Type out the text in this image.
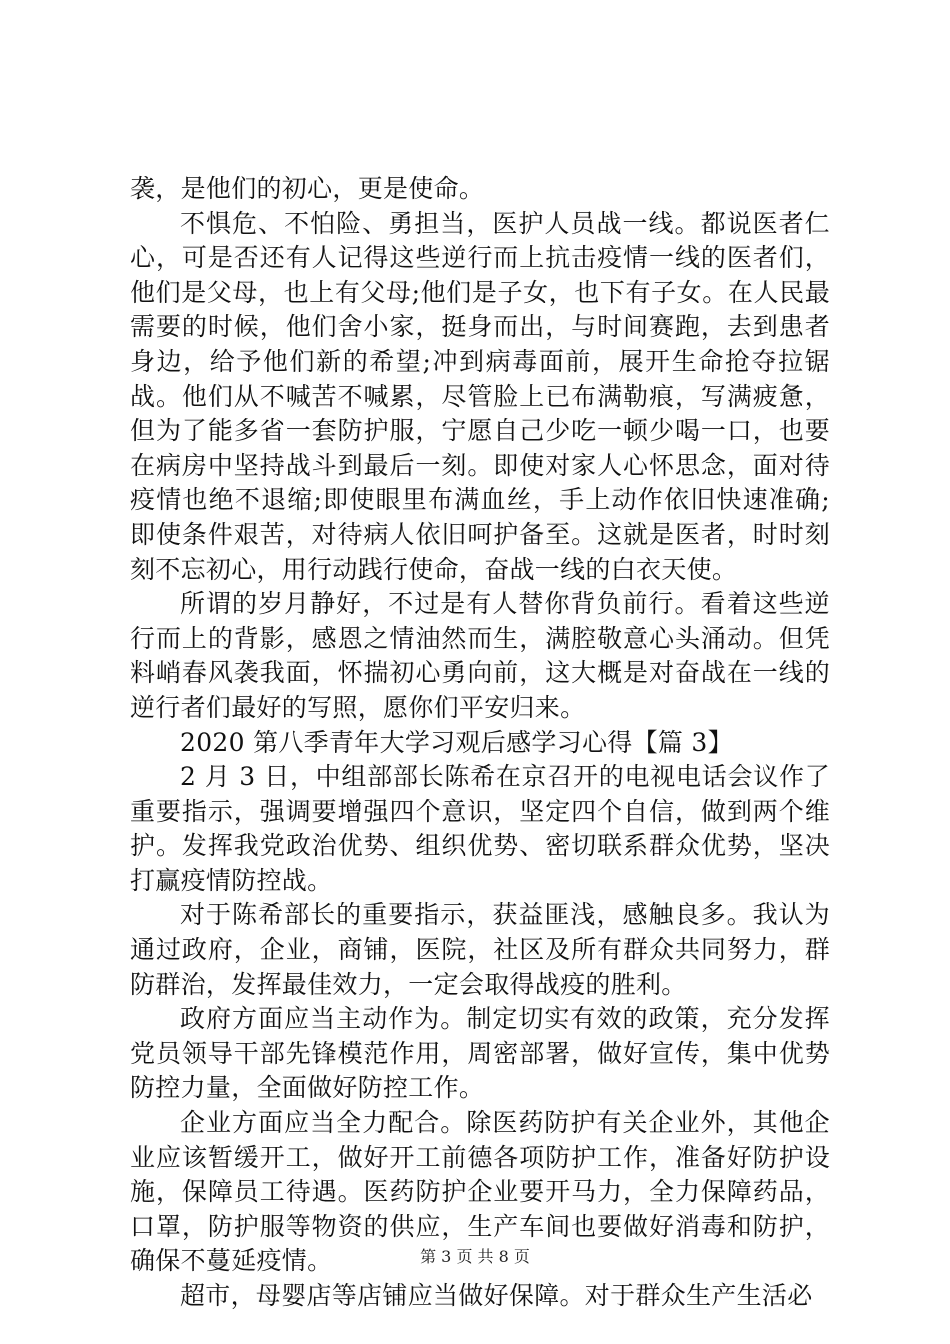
袭，是他们的初心，更是使命。

不惧危、不怕险、勇担当，医护人员战一线。都说医者仁心，可是否还有人记得这些逆行而上抗击疫情一线的医者们，他们是父母，也上有父母;他们是子女，也下有子女。在人民最需要的时候，他们舍小家，挺身而出，与时间赛跑，去到患者身边，给予他们新的希望;冲到病毒面前，展开生命抢夺拉锯战。他们从不喊苦不喊累，尽管脸上已布满勒痕，写满疲惫，但为了能多省一套防护服，宁愿自己少吃一顿少喝一口，也要在病房中坚持战斗到最后一刻。即使对家人心怀思念，面对待疫情也绝不退缩;即使眼里布满血丝，手上动作依旧快速准确;即使条件艰苦，对待病人依旧呵护备至。这就是医者，时时刻刻不忘初心，用行动践行使命，奋战一线的白衣天使。

所谓的岁月静好，不过是有人替你背负前行。看着这些逆行而上的背影，感恩之情油然而生，满腔敬意心头涌动。但凭料峭春风袭我面，怀揣初心勇向前，这大概是对奋战在一线的逆行者们最好的写照，愿你们平安归来。

2020 第八季青年大学习观后感学习心得【篇 3】

2 月 3 日，中组部部长陈希在京召开的电视电话会议作了重要指示，强调要增强四个意识，坚定四个自信，做到两个维护。发挥我党政治优势、组织优势、密切联系群众优势，坚决打赢疫情防控战。

对于陈希部长的重要指示，获益匪浅，感触良多。我认为通过政府，企业，商铺，医院，社区及所有群众共同努力，群防群治，发挥最佳效力，一定会取得战疫的胜利。

政府方面应当主动作为。制定切实有效的政策，充分发挥党员领导干部先锋模范作用，周密部署，做好宣传，集中优势防控力量，全面做好防控工作。

企业方面应当全力配合。除医药防护有关企业外，其他企业应该暂缓开工，做好开工前德各项防护工作，准备好防护设施，保障员工待遇。医药防护企业要开马力，全力保障药品，口罩，防护服等物资的供应，生产车间也要做好消毒和防护，确保不蔓延疫情。

超市，母婴店等店铺应当做好保障。对于群众生产生活必

第 3 页 共 8 页
